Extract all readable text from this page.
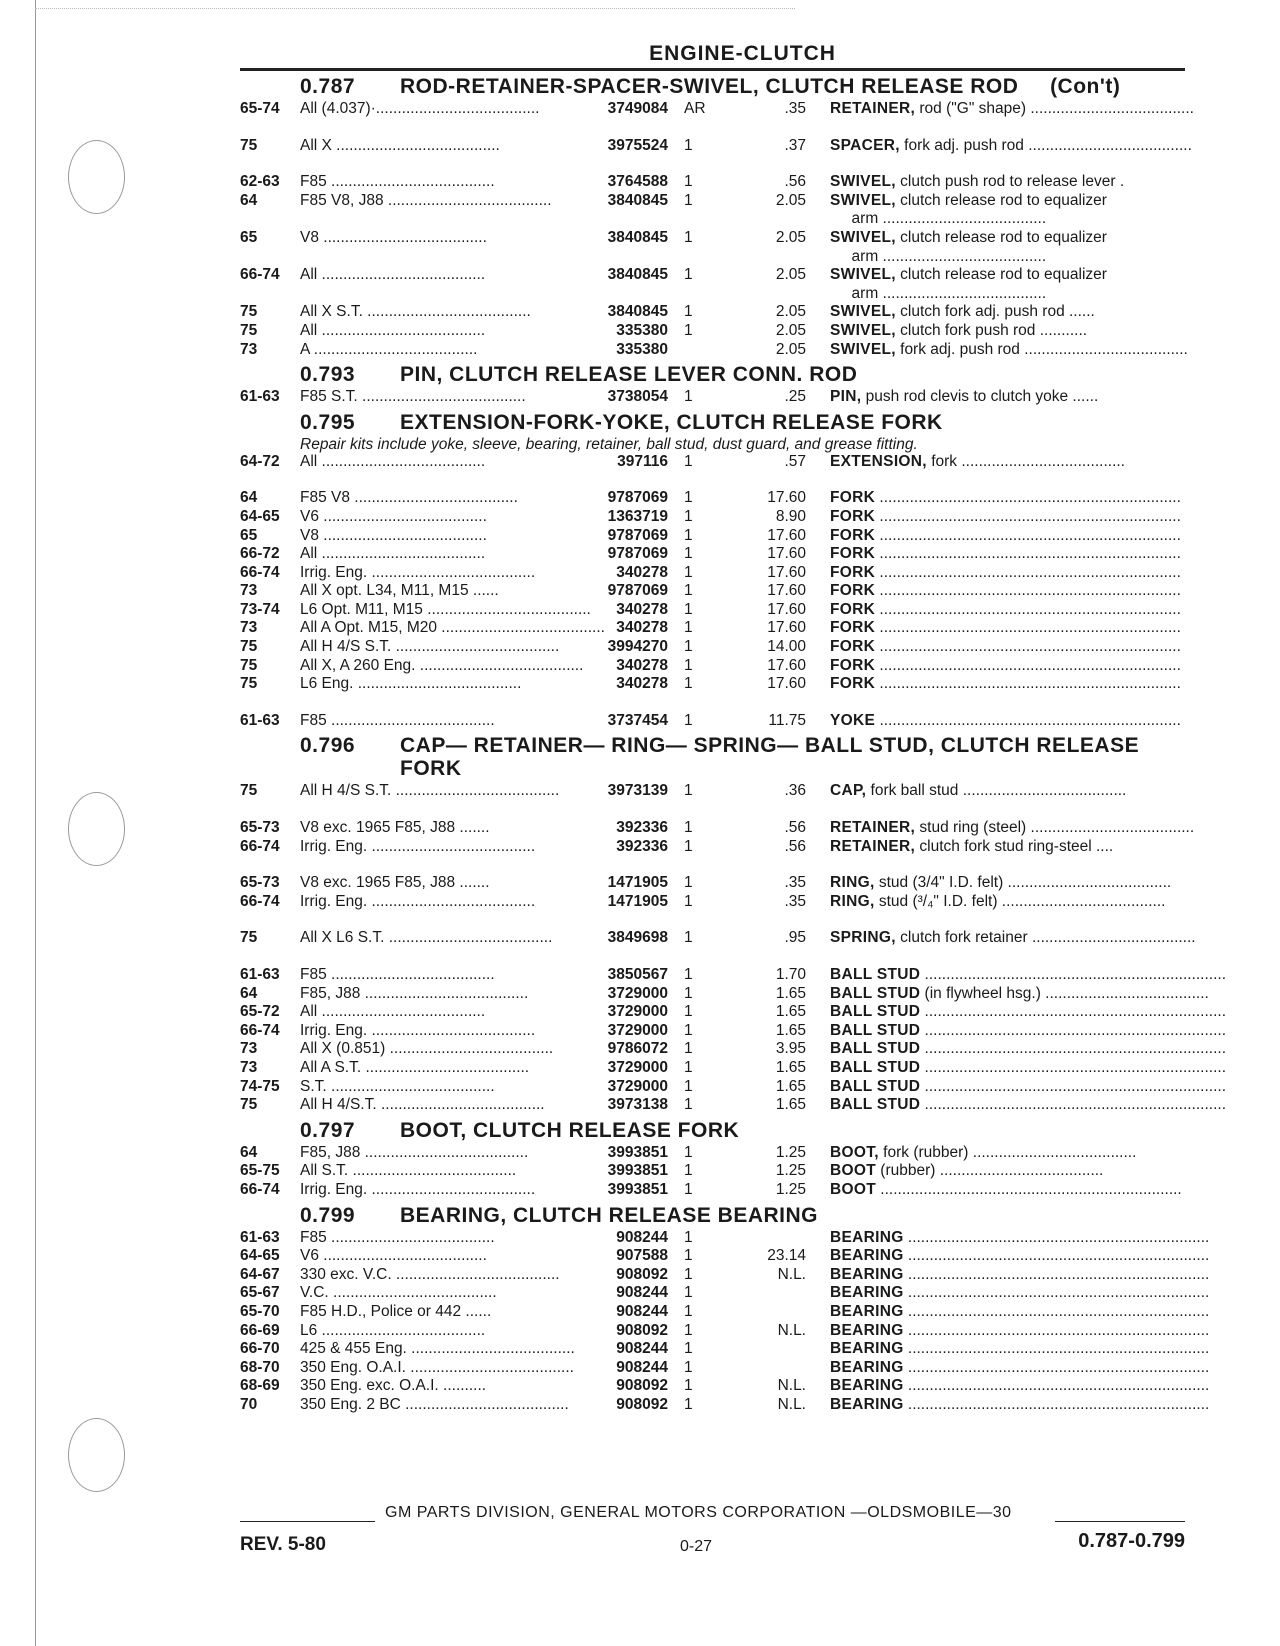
ENGINE-CLUTCH
0.787	ROD-RETAINER-SPACER-SWIVEL, CLUTCH RELEASE ROD     (Con't)
65-74	All (4.037)·......................................	3749084	AR	.35	RETAINER, rod ("G" shape) ......................................
75	All X ......................................	3975524	1	.37	SPACER, fork adj. push rod ......................................
62-63	F85 ......................................	3764588	1	.56	SWIVEL, clutch push rod to release lever .
64	F85 V8, J88 ......................................	3840845	1	2.05	SWIVEL, clutch release rod to equalizer
arm ......................................
65	V8 ......................................	3840845	1	2.05	SWIVEL, clutch release rod to equalizer
arm ......................................
66-74	All ......................................	3840845	1	2.05	SWIVEL, clutch release rod to equalizer
arm ......................................
75	All X S.T. ......................................	3840845	1	2.05	SWIVEL, clutch fork adj. push rod ......
75	All ......................................	335380	1	2.05	SWIVEL, clutch fork push rod ...........
73	A ......................................	335380	2.05	SWIVEL, fork adj. push rod ......................................
0.793	PIN, CLUTCH RELEASE LEVER CONN. ROD
61-63	F85 S.T. ......................................	3738054	1	.25	PIN, push rod clevis to clutch yoke ......
0.795	EXTENSION-FORK-YOKE, CLUTCH RELEASE FORK
Repair kits include yoke, sleeve, bearing, retainer, ball stud, dust guard, and grease fitting.
64-72	All ......................................	397116	1	.57	EXTENSION, fork ......................................
64	F85 V8 ......................................	9787069	1	17.60	FORK ......................................................................
64-65	V6 ......................................	1363719	1	8.90	FORK ......................................................................
65	V8 ......................................	9787069	1	17.60	FORK ......................................................................
66-72	All ......................................	9787069	1	17.60	FORK ......................................................................
66-74	Irrig. Eng. ......................................	340278	1	17.60	FORK ......................................................................
73	All X opt. L34, M11, M15 ......	9787069	1	17.60	FORK ......................................................................
73-74	L6 Opt. M11, M15 ......................................	340278	1	17.60	FORK ......................................................................
73	All A Opt. M15, M20 ...................................... 340278	1	17.60	FORK ......................................................................
75	All H 4/S S.T. ......................................	3994270	1	14.00	FORK ......................................................................
75	All X, A 260 Eng. ......................................	340278	1	17.60	FORK ......................................................................
75	L6 Eng. ......................................	340278	1	17.60	FORK ......................................................................
61-63	F85 ......................................	3737454	1	11.75	YOKE ......................................................................
0.796	CAP— RETAINER— RING— SPRING— BALL STUD, CLUTCH RELEASE FORK
75	All H 4/S S.T. ......................................	3973139	1	.36	CAP, fork ball stud ......................................
65-73	V8 exc. 1965 F85, J88 .......	392336	1	.56	RETAINER, stud ring (steel) ......................................
66-74	Irrig. Eng. ......................................	392336	1	.56	RETAINER, clutch fork stud ring-steel ....
65-73	V8 exc. 1965 F85, J88 .......	1471905	1	.35	RING, stud (3/4" I.D. felt) ......................................
66-74	Irrig. Eng. ......................................	1471905	1	.35	RING, stud (³/₄" I.D. felt) ......................................
75	All X L6 S.T. ......................................	3849698	1	.95	SPRING, clutch fork retainer ......................................
61-63	F85 ......................................	3850567	1	1.70	BALL STUD ......................................................................
64	F85, J88 ......................................	3729000	1	1.65	BALL STUD (in flywheel hsg.) ......................................
65-72	All ......................................	3729000	1	1.65	BALL STUD ......................................................................
66-74	Irrig. Eng. ......................................	3729000	1	1.65	BALL STUD ......................................................................
73	All X (0.851) ......................................	9786072	1	3.95	BALL STUD ......................................................................
73	All A S.T. ......................................	3729000	1	1.65	BALL STUD ......................................................................
74-75	S.T. ......................................	3729000	1	1.65	BALL STUD ......................................................................
75	All H 4/S.T. ......................................	3973138	1	1.65	BALL STUD ......................................................................
0.797	BOOT, CLUTCH RELEASE FORK
64	F85, J88 ......................................	3993851	1	1.25	BOOT, fork (rubber) ......................................
65-75	All S.T. ......................................	3993851	1	1.25	BOOT (rubber) ......................................
66-74	Irrig. Eng. ......................................	3993851	1	1.25	BOOT ......................................................................
0.799	BEARING, CLUTCH RELEASE BEARING
61-63	F85 ......................................	908244	1	BEARING ......................................................................
64-65	V6 ......................................	907588	1	23.14	BEARING ......................................................................
64-67	330 exc. V.C. ......................................	908092	1	N.L.	BEARING ......................................................................
65-67	V.C. ......................................	908244	1	BEARING ......................................................................
65-70	F85 H.D., Police or 442 ......	908244	1	BEARING ......................................................................
66-69	L6 ......................................	908092	1	N.L.	BEARING ......................................................................
66-70	425 & 455 Eng. ......................................	908244	1	BEARING ......................................................................
68-70	350 Eng. O.A.I. ......................................	908244	1	BEARING ......................................................................
68-69	350 Eng. exc. O.A.I. ..........	908092	1	N.L.	BEARING ......................................................................
70	350 Eng. 2 BC ......................................	908092	1	N.L.	BEARING ......................................................................
GM PARTS DIVISION, GENERAL MOTORS CORPORATION —OLDSMOBILE—30
REV. 5-80	0-27	0.787-0.799
